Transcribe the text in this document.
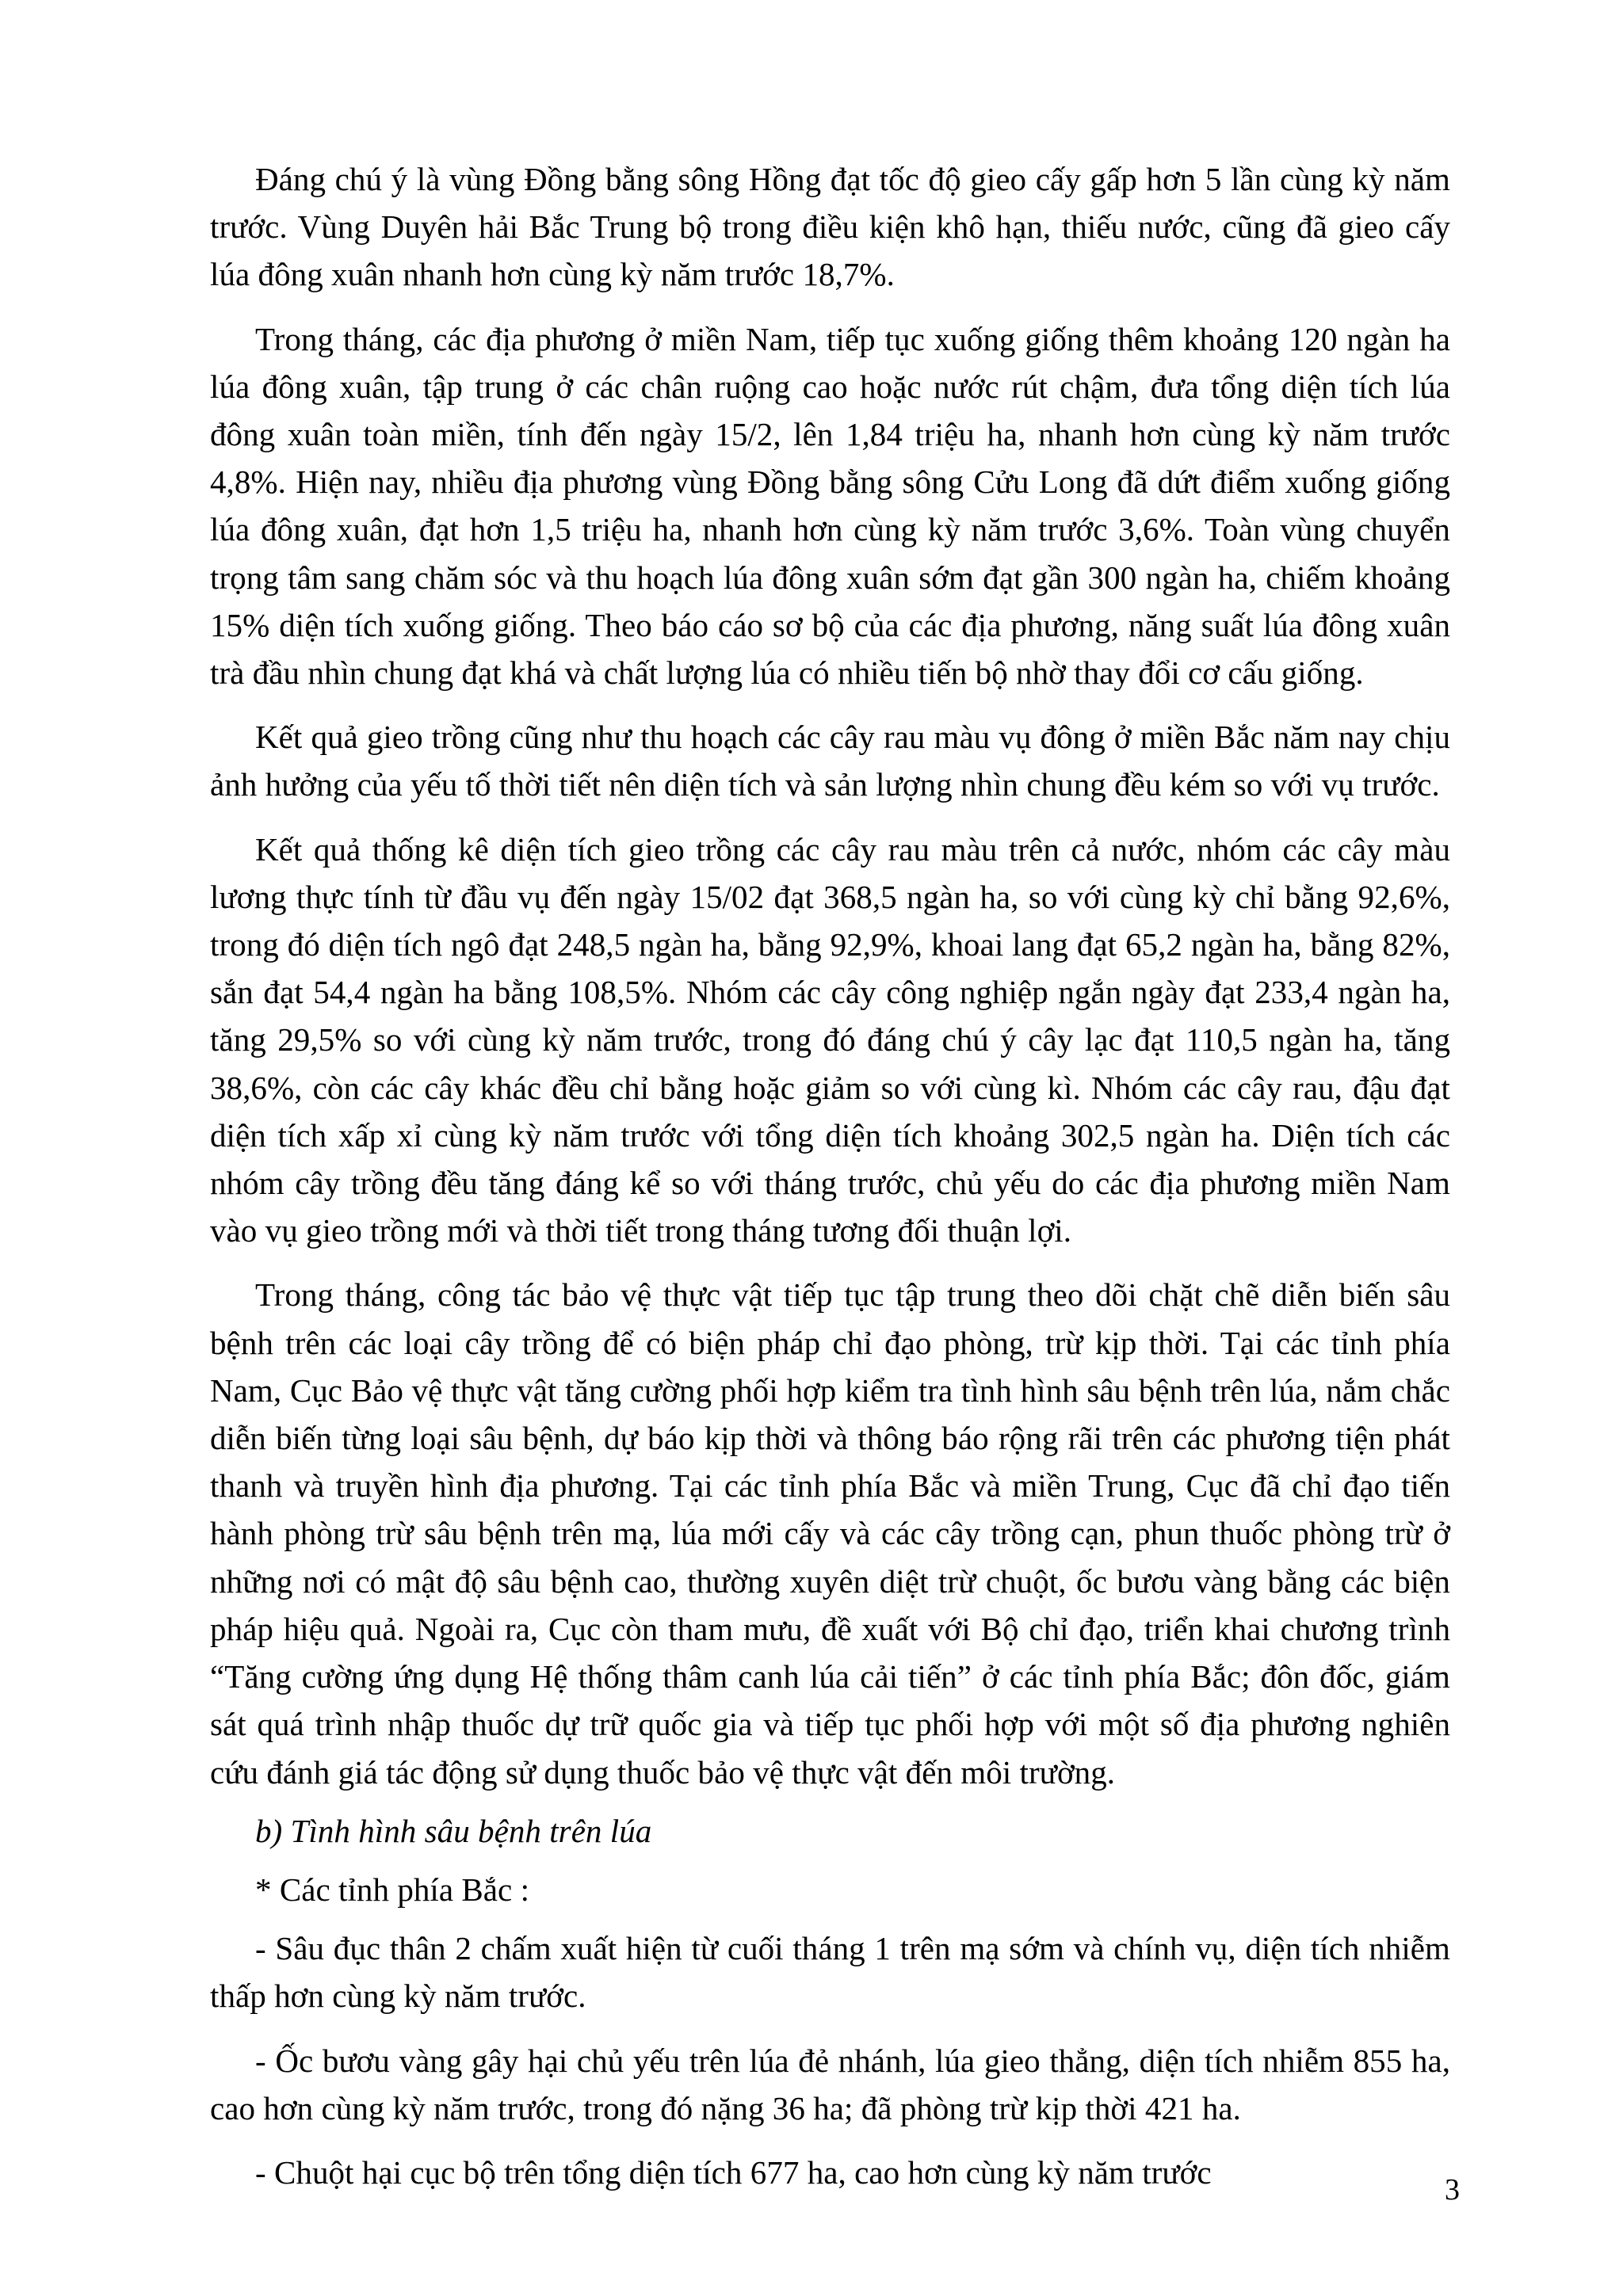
Đáng chú ý là vùng Đồng bằng sông Hồng đạt tốc độ gieo cấy gấp hơn 5 lần cùng kỳ năm trước. Vùng Duyên hải Bắc Trung bộ trong điều kiện khô hạn, thiếu nước, cũng đã gieo cấy lúa đông xuân nhanh hơn cùng kỳ năm trước 18,7%.

Trong tháng, các địa phương ở miền Nam, tiếp tục xuống giống thêm khoảng 120 ngàn ha lúa đông xuân, tập trung ở các chân ruộng cao hoặc nước rút chậm, đưa tổng diện tích lúa đông xuân toàn miền, tính đến ngày 15/2, lên 1,84 triệu ha, nhanh hơn cùng kỳ năm trước 4,8%. Hiện nay, nhiều địa phương vùng Đồng bằng sông Cửu Long đã dứt điểm xuống giống lúa đông xuân, đạt hơn 1,5 triệu ha, nhanh hơn cùng kỳ năm trước 3,6%. Toàn vùng chuyển trọng tâm sang chăm sóc và thu hoạch lúa đông xuân sớm đạt gần 300 ngàn ha, chiếm khoảng 15% diện tích xuống giống. Theo báo cáo sơ bộ của các địa phương, năng suất lúa đông xuân trà đầu nhìn chung đạt khá và chất lượng lúa có nhiều tiến bộ nhờ thay đổi cơ cấu giống.

Kết quả gieo trồng cũng như thu hoạch các cây rau màu vụ đông ở miền Bắc năm nay chịu ảnh hưởng của yếu tố thời tiết nên diện tích và sản lượng nhìn chung đều kém so với vụ trước.

Kết quả thống kê diện tích gieo trồng các cây rau màu trên cả nước, nhóm các cây màu lương thực tính từ đầu vụ đến ngày 15/02 đạt 368,5 ngàn ha, so với cùng kỳ chỉ bằng 92,6%, trong đó diện tích ngô đạt 248,5 ngàn ha, bằng 92,9%, khoai lang đạt 65,2 ngàn ha, bằng 82%, sắn đạt 54,4 ngàn ha bằng 108,5%. Nhóm các cây công nghiệp ngắn ngày đạt 233,4 ngàn ha, tăng 29,5% so với cùng kỳ năm trước, trong đó đáng chú ý cây lạc đạt 110,5 ngàn ha, tăng 38,6%, còn các cây khác đều chỉ bằng hoặc giảm so với cùng kì. Nhóm các cây rau, đậu đạt diện tích xấp xỉ cùng kỳ năm trước với tổng diện tích khoảng 302,5 ngàn ha. Diện tích các nhóm cây trồng đều tăng đáng kể so với tháng trước, chủ yếu do các địa phương miền Nam vào vụ gieo trồng mới và thời tiết trong tháng tương đối thuận lợi.

Trong tháng, công tác bảo vệ thực vật tiếp tục tập trung theo dõi chặt chẽ diễn biến sâu bệnh trên các loại cây trồng để có biện pháp chỉ đạo phòng, trừ kịp thời. Tại các tỉnh phía Nam, Cục Bảo vệ thực vật tăng cường phối hợp kiểm tra tình hình sâu bệnh trên lúa, nắm chắc diễn biến từng loại sâu bệnh, dự báo kịp thời và thông báo rộng rãi trên các phương tiện phát thanh và truyền hình địa phương. Tại các tỉnh phía Bắc và miền Trung, Cục đã chỉ đạo tiến hành phòng trừ sâu bệnh trên mạ, lúa mới cấy và các cây trồng cạn, phun thuốc phòng trừ ở những nơi có mật độ sâu bệnh cao, thường xuyên diệt trừ chuột, ốc bươu vàng bằng các biện pháp hiệu quả. Ngoài ra, Cục còn tham mưu, đề xuất với Bộ chỉ đạo, triển khai chương trình “Tăng cường ứng dụng Hệ thống thâm canh lúa cải tiến” ở các tỉnh phía Bắc; đôn đốc, giám sát quá trình nhập thuốc dự trữ quốc gia và tiếp tục phối hợp với một số địa phương nghiên cứu đánh giá tác động sử dụng thuốc bảo vệ thực vật đến môi trường.

b) Tình hình sâu bệnh trên lúa

* Các tỉnh phía Bắc :

- Sâu đục thân 2 chấm xuất hiện từ cuối tháng 1 trên mạ sớm và chính vụ, diện tích nhiễm thấp hơn cùng kỳ năm trước.

- Ốc bươu vàng gây hại chủ yếu trên lúa đẻ nhánh, lúa gieo thẳng, diện tích nhiễm 855 ha, cao hơn cùng kỳ năm trước, trong đó nặng 36 ha; đã phòng trừ kịp thời 421 ha.

- Chuột hại cục bộ trên tổng diện tích 677 ha, cao hơn cùng kỳ năm trước	3
